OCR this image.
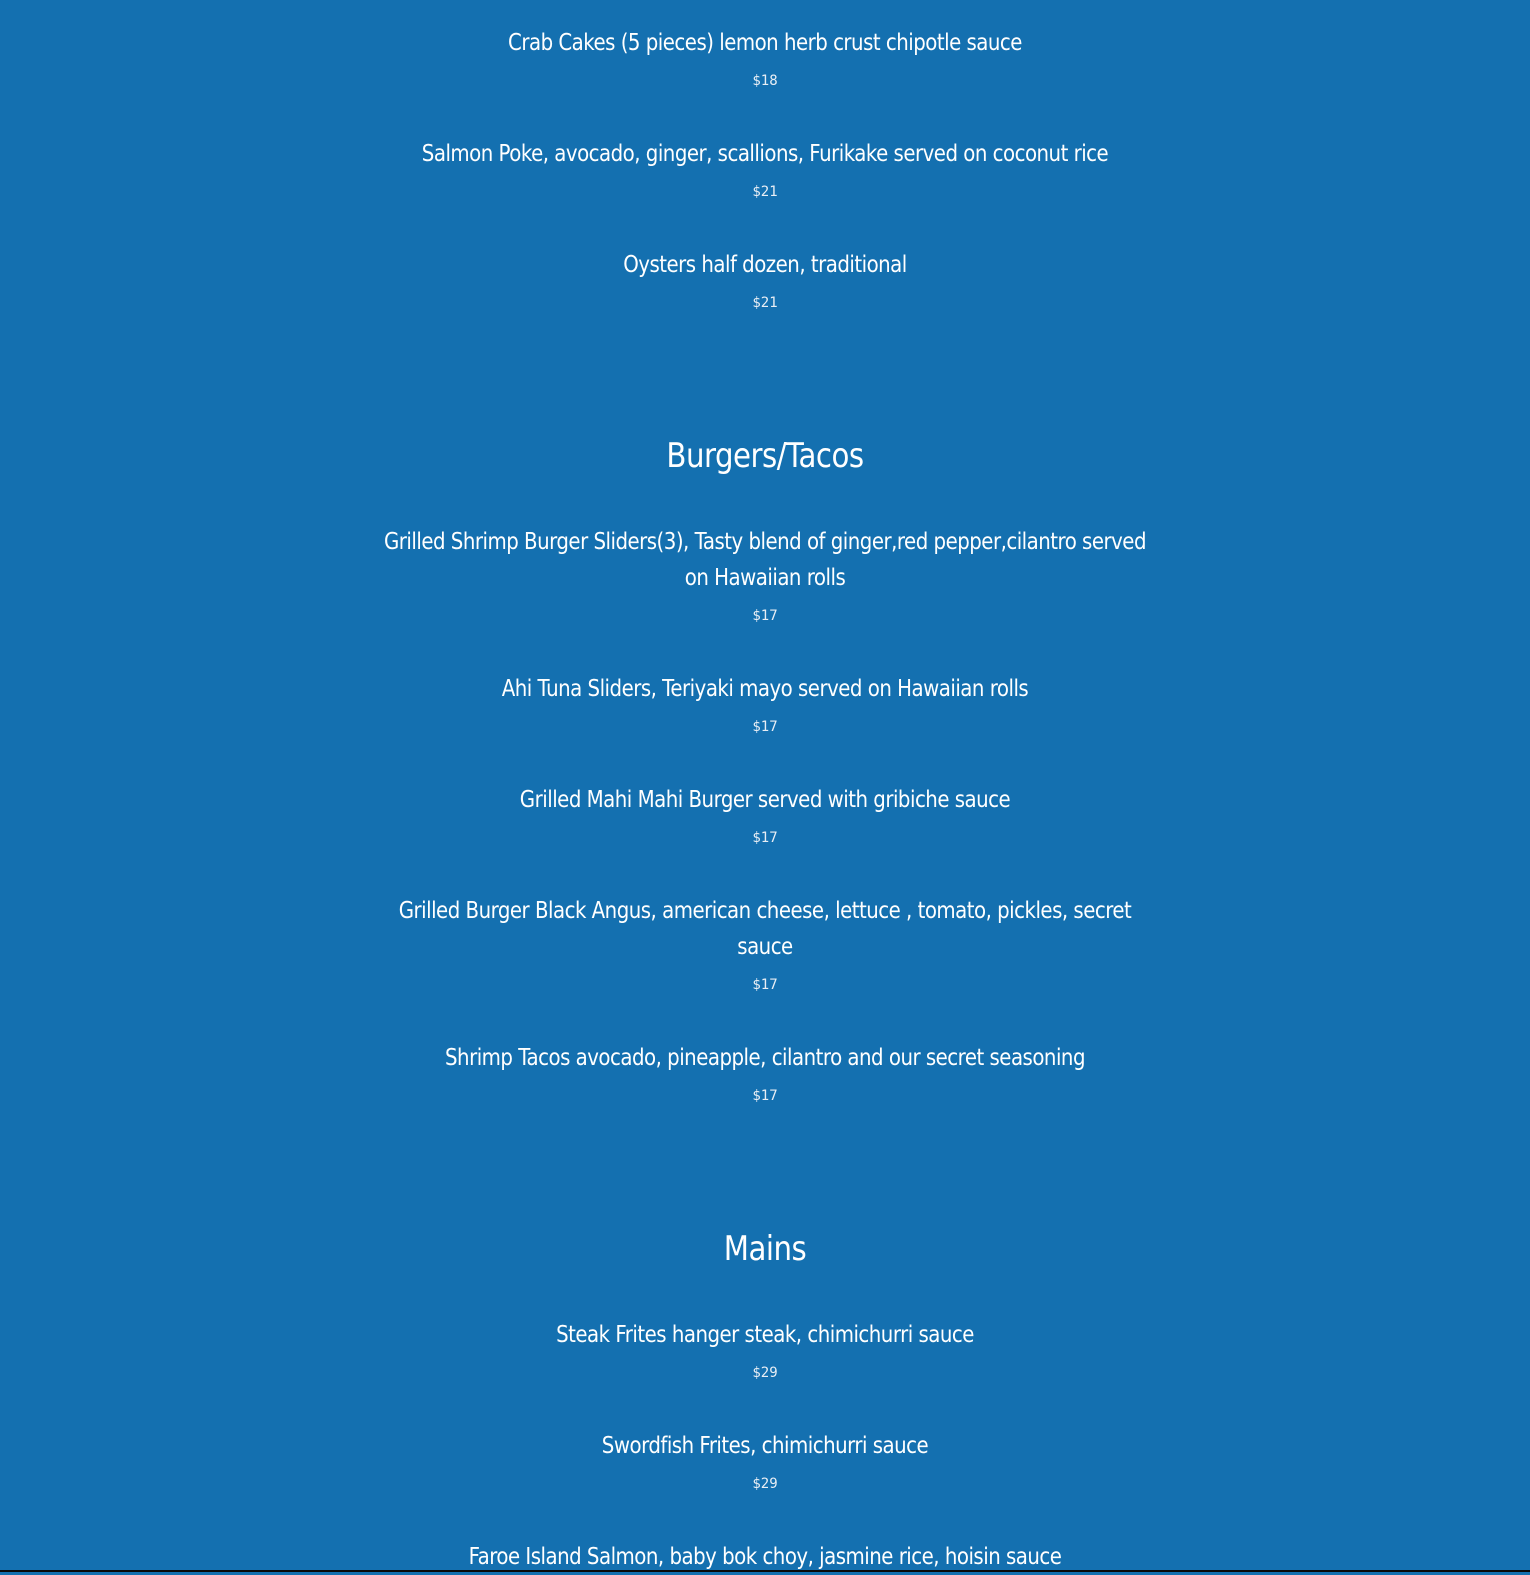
Crab Cakes (5 pieces) lemon herb crust chipotle sauce
$18
Salmon Poke, avocado, ginger, scallions, Furikake served on coconut rice
$21
Oysters half dozen, traditional
$21
Burgers/Tacos
Grilled Shrimp Burger Sliders(3), Tasty blend of ginger,red pepper,cilantro served on Hawaiian rolls
$17
Ahi Tuna Sliders, Teriyaki mayo served on Hawaiian rolls
$17
Grilled Mahi Mahi Burger served with gribiche sauce
$17
Grilled Burger Black Angus, american cheese, lettuce , tomato, pickles, secret sauce
$17
Shrimp Tacos avocado, pineapple, cilantro and our secret seasoning
$17
Mains
Steak Frites hanger steak, chimichurri sauce
$29
Swordfish Frites, chimichurri sauce
$29
Faroe Island Salmon, baby bok choy, jasmine rice, hoisin sauce
